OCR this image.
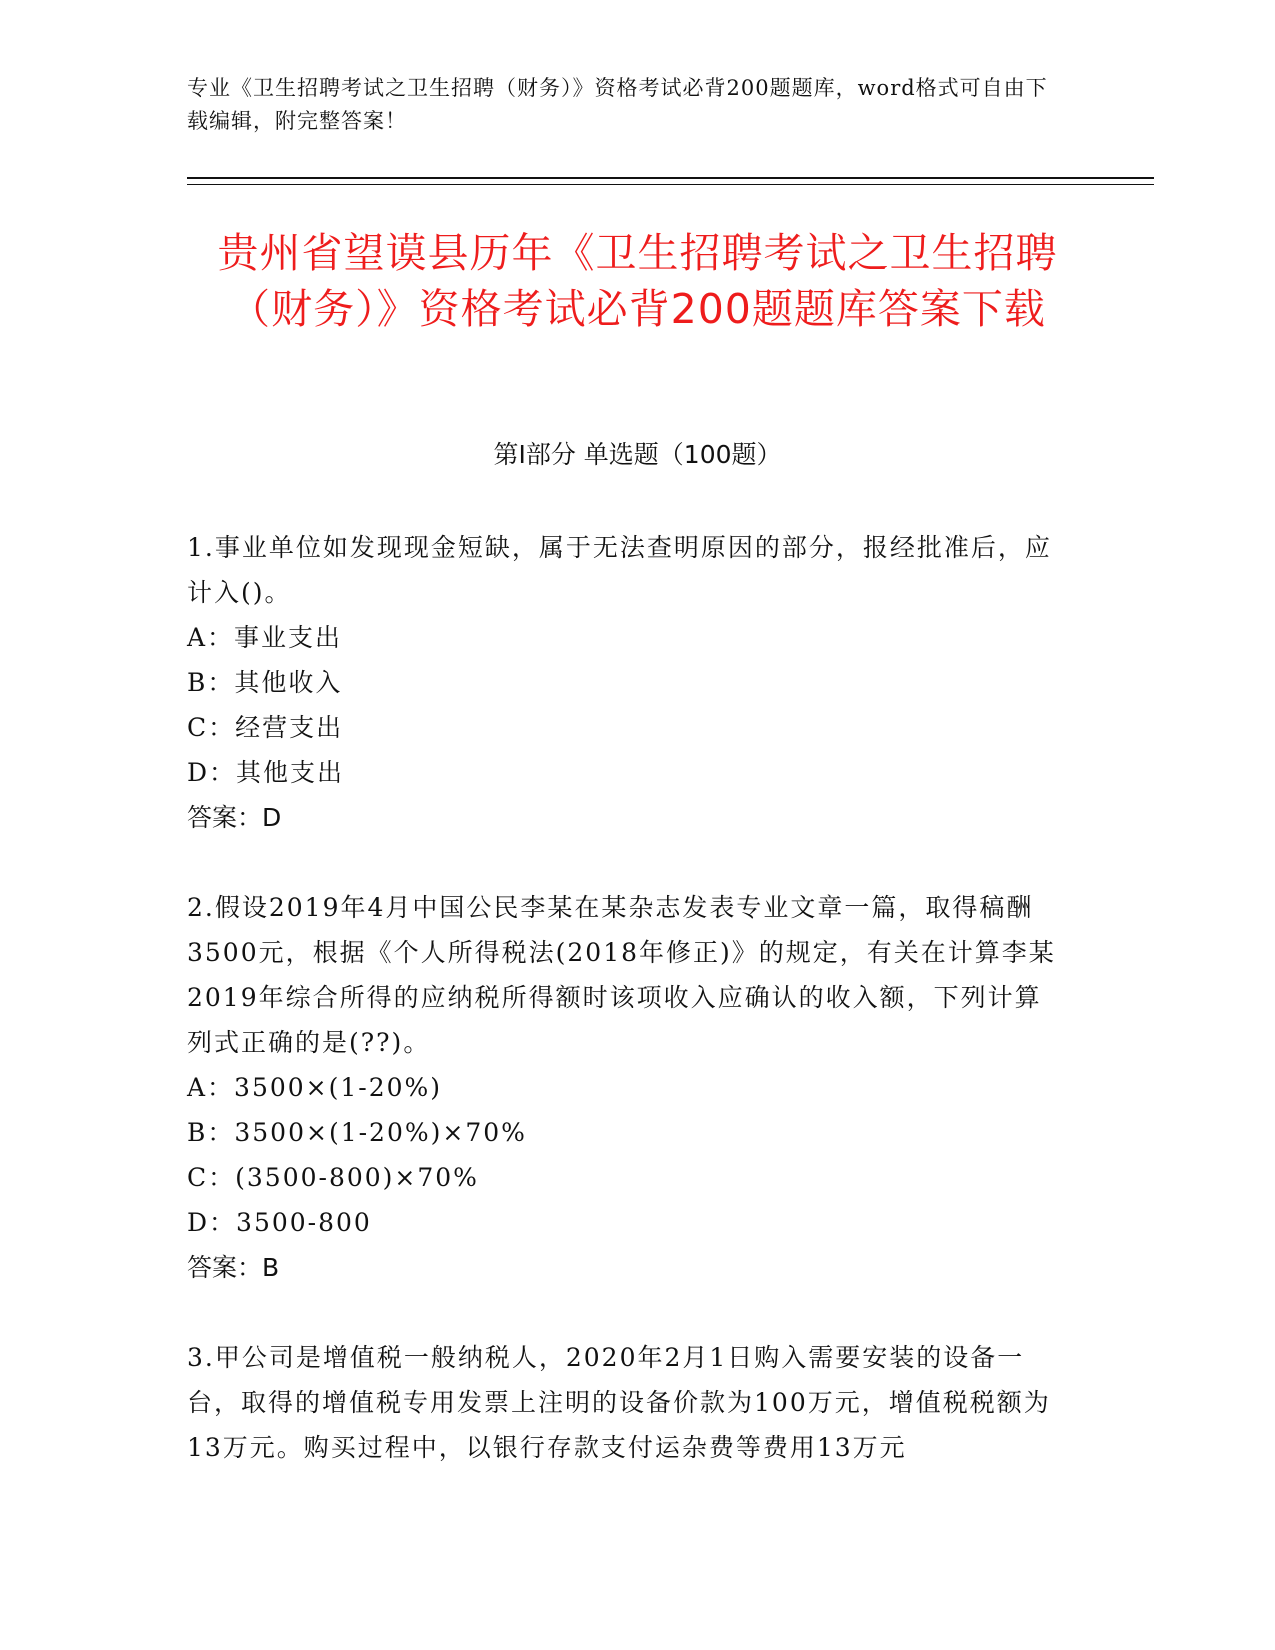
专业《卫生招聘考试之卫生招聘（财务）》资格考试必背200题题库，word格式可自由下载编辑，附完整答案！
贵州省望谟县历年《卫生招聘考试之卫生招聘（财务）》资格考试必背200题题库答案下载
第I部分 单选题（100题）
1.事业单位如发现现金短缺，属于无法查明原因的部分，报经批准后，应计入()。
A：事业支出
B：其他收入
C：经营支出
D：其他支出
答案：D
2.假设2019年4月中国公民李某在某杂志发表专业文章一篇，取得稿酬3500元，根据《个人所得税法(2018年修正)》的规定，有关在计算李某2019年综合所得的应纳税所得额时该项收入应确认的收入额，下列计算列式正确的是(??)。
A：3500×(1-20%)
B：3500×(1-20%)×70%
C：(3500-800)×70%
D：3500-800
答案：B
3.甲公司是增值税一般纳税人，2020年2月1日购入需要安装的设备一台，取得的增值税专用发票上注明的设备价款为100万元，增值税税额为13万元。购买过程中，以银行存款支付运杂费等费用13万元
